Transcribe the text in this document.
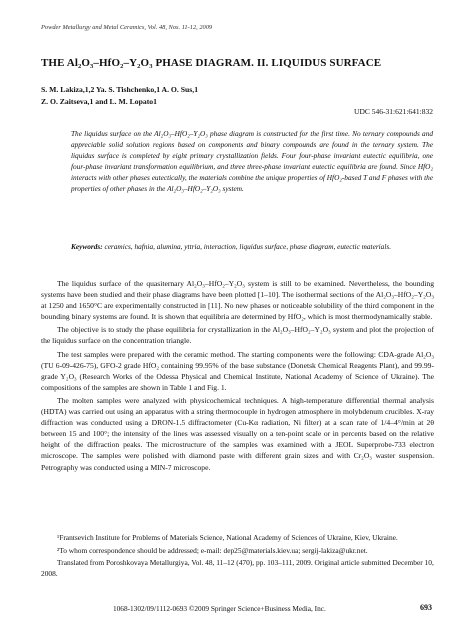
Powder Metallurgy and Metal Ceramics, Vol. 48, Nos. 11-12, 2009
THE Al₂O₃–HfO₂–Y₂O₃ PHASE DIAGRAM. II. LIQUIDUS SURFACE
S. M. Lakiza,1,2 Ya. S. Tishchenko,1 A. O. Sus,1
Z. O. Zaitseva,1 and L. M. Lopato1
UDC 546-31:621:641:832
The liquidus surface on the Al₂O₃–HfO₂–Y₂O₃ phase diagram is constructed for the first time. No ternary compounds and appreciable solid solution regions based on components and binary compounds are found in the ternary system. The liquidus surface is completed by eight primary crystallization fields. Four four-phase invariant eutectic equilibria, one four-phase invariant transformation equilibrium, and three three-phase invariant eutectic equilibria are found. Since HfO₂ interacts with other phases eutectically, the materials combine the unique properties of HfO₂-based T and F phases with the properties of other phases in the Al₂O₃–HfO₂–Y₂O₃ system.
Keywords: ceramics, hafnia, alumina, yttria, interaction, liquidus surface, phase diagram, eutectic materials.

The liquidus surface of the quasiternary Al₂O₃–HfO₂–Y₂O₃ system is still to be examined. Nevertheless, the bounding systems have been studied and their phase diagrams have been plotted [1–10]. The isothermal sections of the Al₂O₃–HfO₂–Y₂O₃ at 1250 and 1650°C are experimentally constructed in [11]. No new phases or noticeable solubility of the third component in the bounding binary systems are found. It is shown that equilibria are determined by HfO₂, which is most thermodynamically stable.

The objective is to study the phase equilibria for crystallization in the Al₂O₃–HfO₂–Y₂O₃ system and plot the projection of the liquidus surface on the concentration triangle.

The test samples were prepared with the ceramic method. The starting components were the following: CDA-grade Al₂O₃ (TU 6-09-426-75), GFO-2 grade HfO₂ containing 99.95% of the base substance (Donetsk Chemical Reagents Plant), and 99.99-grade Y₂O₃ (Research Works of the Odessa Physical and Chemical Institute, National Academy of Science of Ukraine). The compositions of the samples are shown in Table 1 and Fig. 1.

The molten samples were analyzed with physicochemical techniques. A high-temperature differential thermal analysis (HDTA) was carried out using an apparatus with a string thermocouple in hydrogen atmosphere in molybdenum crucibles. X-ray diffraction was conducted using a DRON-1.5 diffractometer (Cu-Kα radiation, Ni filter) at a scan rate of 1/4–4°/min at 2θ between 15 and 100°; the intensity of the lines was assessed visually on a ten-point scale or in percents based on the relative height of the diffraction peaks. The microstructure of the samples was examined with a JEOL Superprobe-733 electron microscope. The samples were polished with diamond paste with different grain sizes and with Cr₂O₃ waster suspension. Petrography was conducted using a MIN-7 microscope.

¹Frantsevich Institute for Problems of Materials Science, National Academy of Sciences of Ukraine, Kiev, Ukraine.

²To whom correspondence should be addressed; e-mail: dep25@materials.kiev.ua; sergij-lakiza@ukr.net.

Translated from Poroshkovaya Metallurgiya, Vol. 48, 11–12 (470), pp. 103–111, 2009. Original article submitted December 10, 2008.

1068-1302/09/1112-0693 ©2009 Springer Science+Business Media, Inc.	693
